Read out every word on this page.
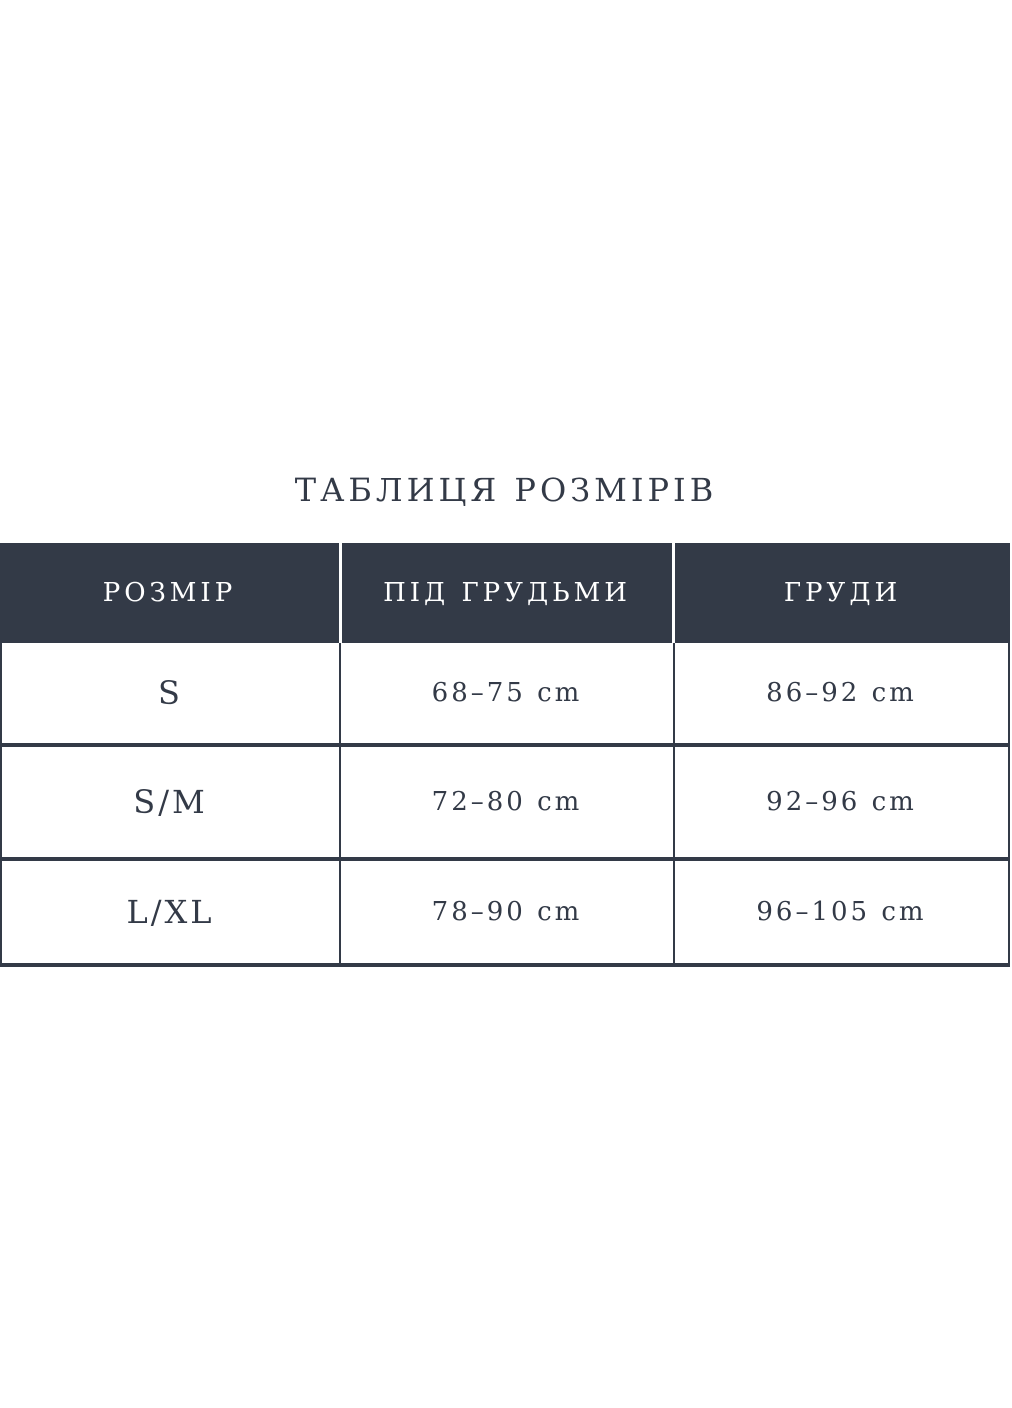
ТАБЛИЦЯ РОЗМІРІВ
РОЗМІР	ПІД ГРУДЬМИ	ГРУДИ
S	68–75 cm	86–92 cm
S/M	72–80 cm	92–96 cm
L/XL	78–90 cm	96–105 cm
